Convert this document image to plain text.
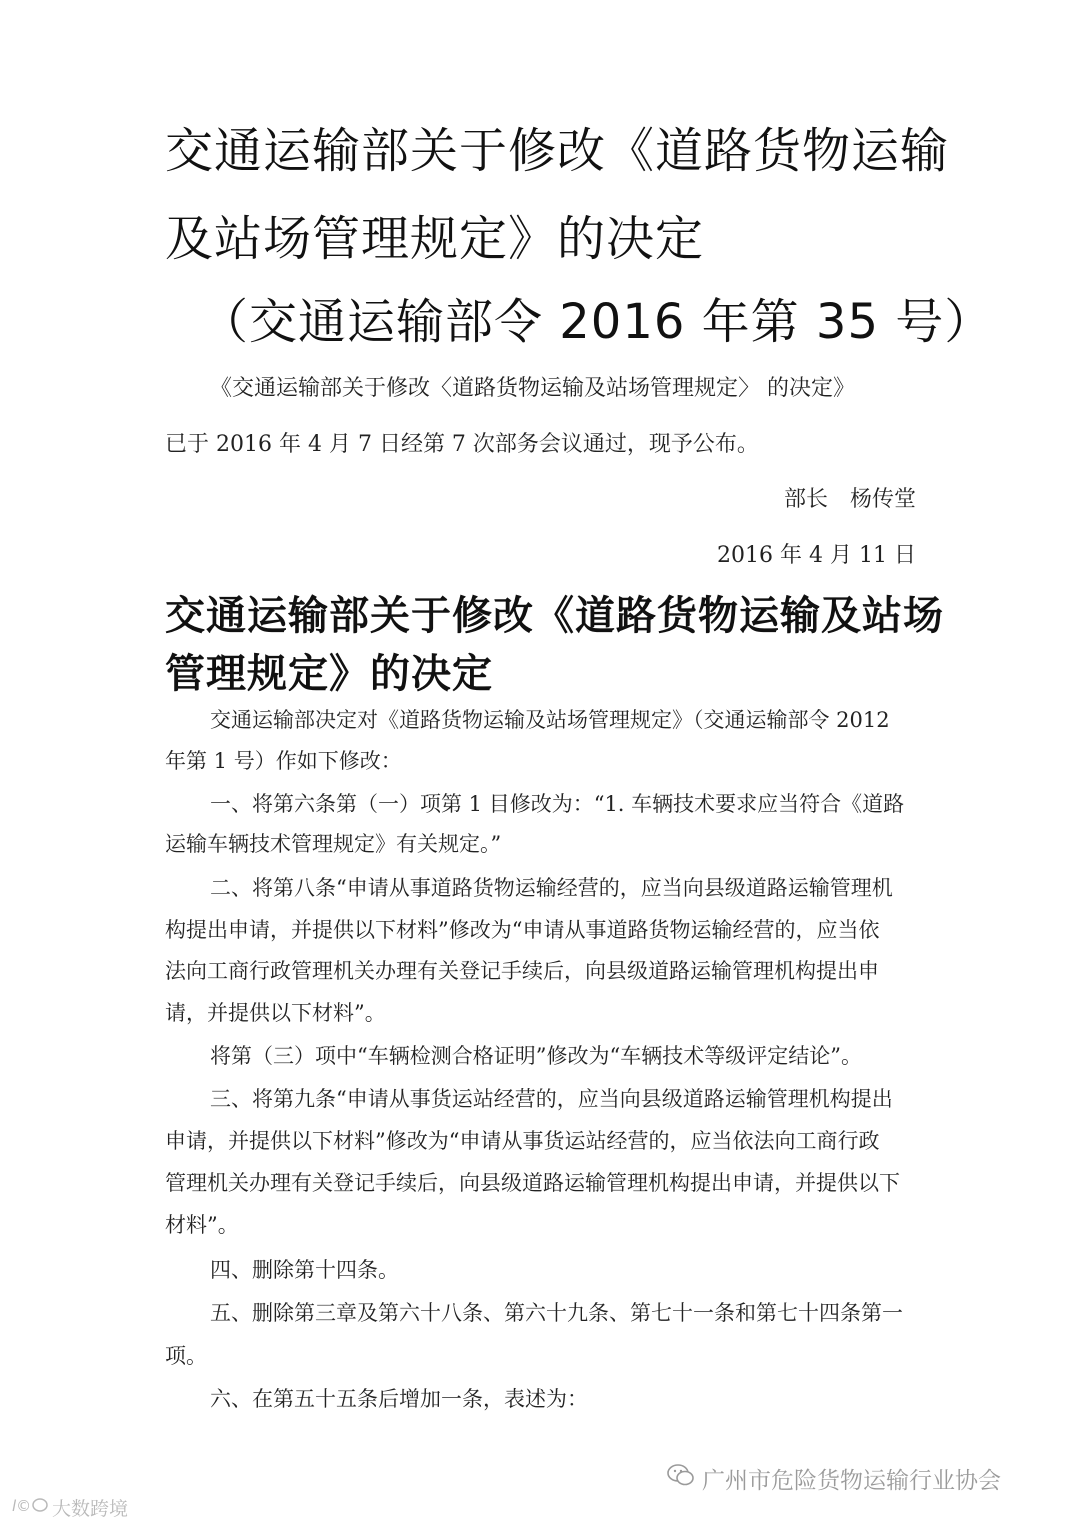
交通运输部关于修改《道路货物运输
及站场管理规定》的决定
（交通运输部令 2016 年第 35 号）
《交通运输部关于修改〈道路货物运输及站场管理规定〉 的决定》
已于 2016 年 4 月 7 日经第 7 次部务会议通过，现予公布。
部长　杨传堂
2016 年 4 月 11 日
交通运输部关于修改《道路货物运输及站场
管理规定》的决定
交通运输部决定对《道路货物运输及站场管理规定》（交通运输部令 2012
年第 1 号）作如下修改：
一、将第六条第（一）项第 1 目修改为：“1. 车辆技术要求应当符合《道路
运输车辆技术管理规定》有关规定。”
二、将第八条“申请从事道路货物运输经营的，应当向县级道路运输管理机
构提出申请，并提供以下材料”修改为“申请从事道路货物运输经营的，应当依
法向工商行政管理机关办理有关登记手续后，向县级道路运输管理机构提出申
请，并提供以下材料”。
将第（三）项中“车辆检测合格证明”修改为“车辆技术等级评定结论”。
三、将第九条“申请从事货运站经营的，应当向县级道路运输管理机构提出
申请，并提供以下材料”修改为“申请从事货运站经营的，应当依法向工商行政
管理机关办理有关登记手续后，向县级道路运输管理机构提出申请，并提供以下
材料”。
四、删除第十四条。
五、删除第三章及第六十八条、第六十九条、第七十一条和第七十四条第一
项。
六、在第五十五条后增加一条，表述为：
广州市危险货物运输行业协会
l© 大数跨境
